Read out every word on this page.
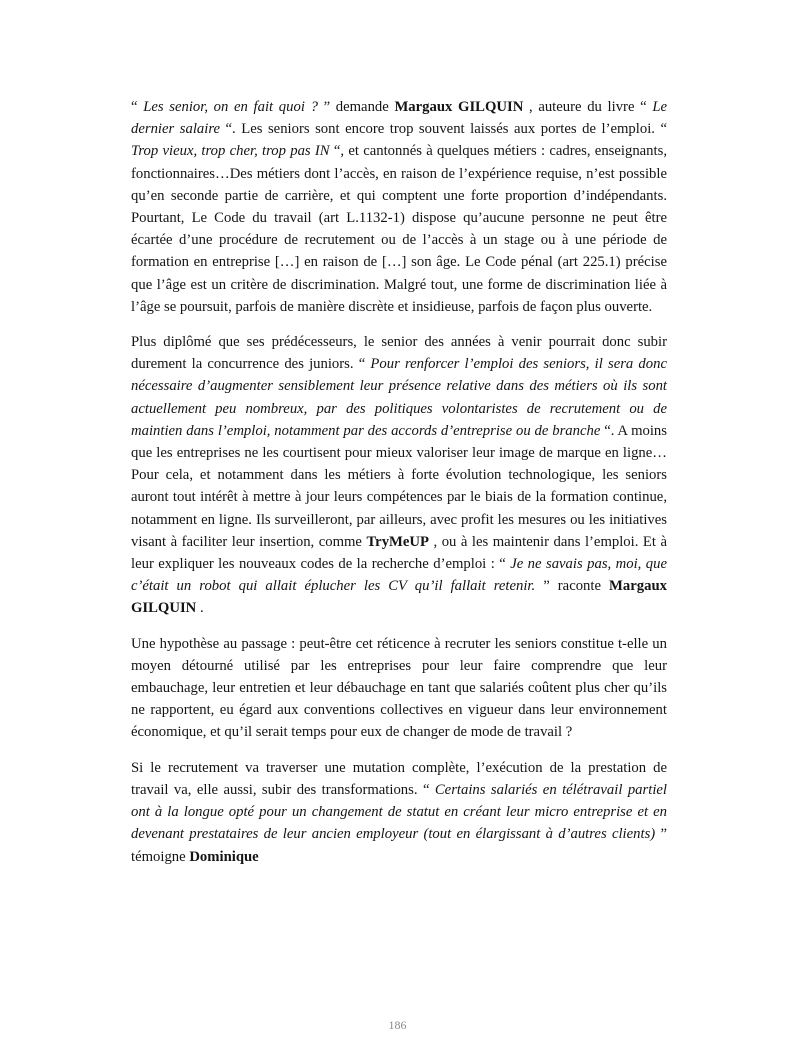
“ Les senior, on en fait quoi ? ” demande Margaux GILQUIN , auteure du livre “ Le dernier salaire “. Les seniors sont encore trop souvent laissés aux portes de l’emploi. “ Trop vieux, trop cher, trop pas IN “, et cantonnés à quelques métiers : cadres, enseignants, fonctionnaires…Des métiers dont l’accès, en raison de l’expérience requise, n’est possible qu’en seconde partie de carrière, et qui comptent une forte proportion d’indépendants. Pourtant, Le Code du travail (art L.1132-1) dispose qu’aucune personne ne peut être écartée d’une procédure de recrutement ou de l’accès à un stage ou à une période de formation en entreprise […] en raison de […] son âge. Le Code pénal (art 225.1) précise que l’âge est un critère de discrimination. Malgré tout, une forme de discrimination liée à l’âge se poursuit, parfois de manière discrète et insidieuse, parfois de façon plus ouverte.

Plus diplômé que ses prédécesseurs, le senior des années à venir pourrait donc subir durement la concurrence des juniors. “ Pour renforcer l’emploi des seniors, il sera donc nécessaire d’augmenter sensiblement leur présence relative dans des métiers où ils sont actuellement peu nombreux, par des politiques volontaristes de recrutement ou de maintien dans l’emploi, notamment par des accords d’entreprise ou de branche “. A moins que les entreprises ne les courtisent pour mieux valoriser leur image de marque en ligne…Pour cela, et notamment dans les métiers à forte évolution technologique, les seniors auront tout intérêt à mettre à jour leurs compétences par le biais de la formation continue, notamment en ligne. Ils surveilleront, par ailleurs, avec profit les mesures ou les initiatives visant à faciliter leur insertion, comme TryMeUP , ou à les maintenir dans l’emploi. Et à leur expliquer les nouveaux codes de la recherche d’emploi : “ Je ne savais pas, moi, que c’était un robot qui allait éplucher les CV qu’il fallait retenir. ” raconte Margaux GILQUIN .

Une hypothèse au passage : peut-être cet réticence à recruter les seniors constitue t-elle un moyen détourné utilisé par les entreprises pour leur faire comprendre que leur embauchage, leur entretien et leur débauchage en tant que salariés coûtent plus cher qu’ils ne rapportent, eu égard aux conventions collectives en vigueur dans leur environnement économique, et qu’il serait temps pour eux de changer de mode de travail ?

Si le recrutement va traverser une mutation complète, l’exécution de la prestation de travail va, elle aussi, subir des transformations. “ Certains salariés en télétravail partiel ont à la longue opté pour un changement de statut en créant leur micro entreprise et en devenant prestataires de leur ancien employeur (tout en élargissant à d’autres clients) ” témoigne Dominique

186
